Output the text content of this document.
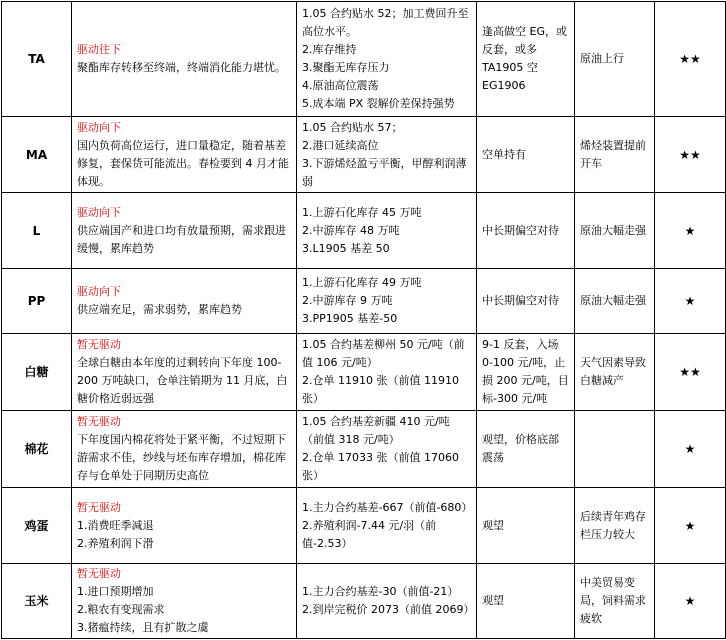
TA	驱动往下
聚酯库存转移至终端，终端消化能力堪忧。	1.05 合约贴水 52；加工费回升至高位水平。
2.库存维持
3.聚酯无库存压力
4.原油高位震荡
5.成本端 PX 裂解价差保持强势	逢高做空 EG，或反套，或多 TA1905 空 EG1906	原油上行	★★
MA	驱动向下
国内负荷高位运行，进口量稳定，随着基差修复，套保货可能流出。春检要到 4 月才能体现。	1.05 合约贴水 57；
2.港口延续高位
3.下游烯烃盈亏平衡，甲醇利润薄弱	空单持有	烯烃装置提前开车	★★
L	驱动向下
供应端国产和进口均有放量预期，需求跟进缓慢，累库趋势	1.上游石化库存 45 万吨
2.中游库存 48 万吨
3.L1905 基差 50	中长期偏空对待	原油大幅走强	★
PP	驱动向下
供应端充足，需求弱势，累库趋势	1.上游石化库存 49 万吨
2.中游库存 9 万吨
3.PP1905 基差-50	中长期偏空对待	原油大幅走强	★
白糖	暂无驱动
全球白糖由本年度的过剩转向下年度 100-200 万吨缺口，仓单注销期为 11 月底，白糖价格近弱远强	1.05 合约基差柳州 50 元/吨（前值 106 元/吨）
2.仓单 11910 张（前值 11910 张）	9-1 反套，入场 0-100 元/吨，止损 200 元/吨，目标-300 元/吨	天气因素导致白糖减产	★★
棉花	暂无驱动
下年度国内棉花将处于紧平衡，不过短期下游需求不佳，纱线与坯布库存增加，棉花库存与仓单处于同期历史高位	1.05 合约基差新疆 410 元/吨（前值 318 元/吨）
2.仓单 17033 张（前值 17060 张）	观望，价格底部震荡		★
鸡蛋	暂无驱动
1.消费旺季减退
2.养殖利润下滑	1.主力合约基差-667（前值-680）
2.养殖利润-7.44 元/羽（前值-2.53）	观望	后续青年鸡存栏压力较大	★
玉米	暂无驱动
1.进口预期增加
2.粮农有变现需求
3.猪瘟持续，且有扩散之虞	1.主力合约基差-30（前值-21）
2.到岸完税价 2073（前值 2069）	观望	中美贸易变局，饲料需求疲软	★
